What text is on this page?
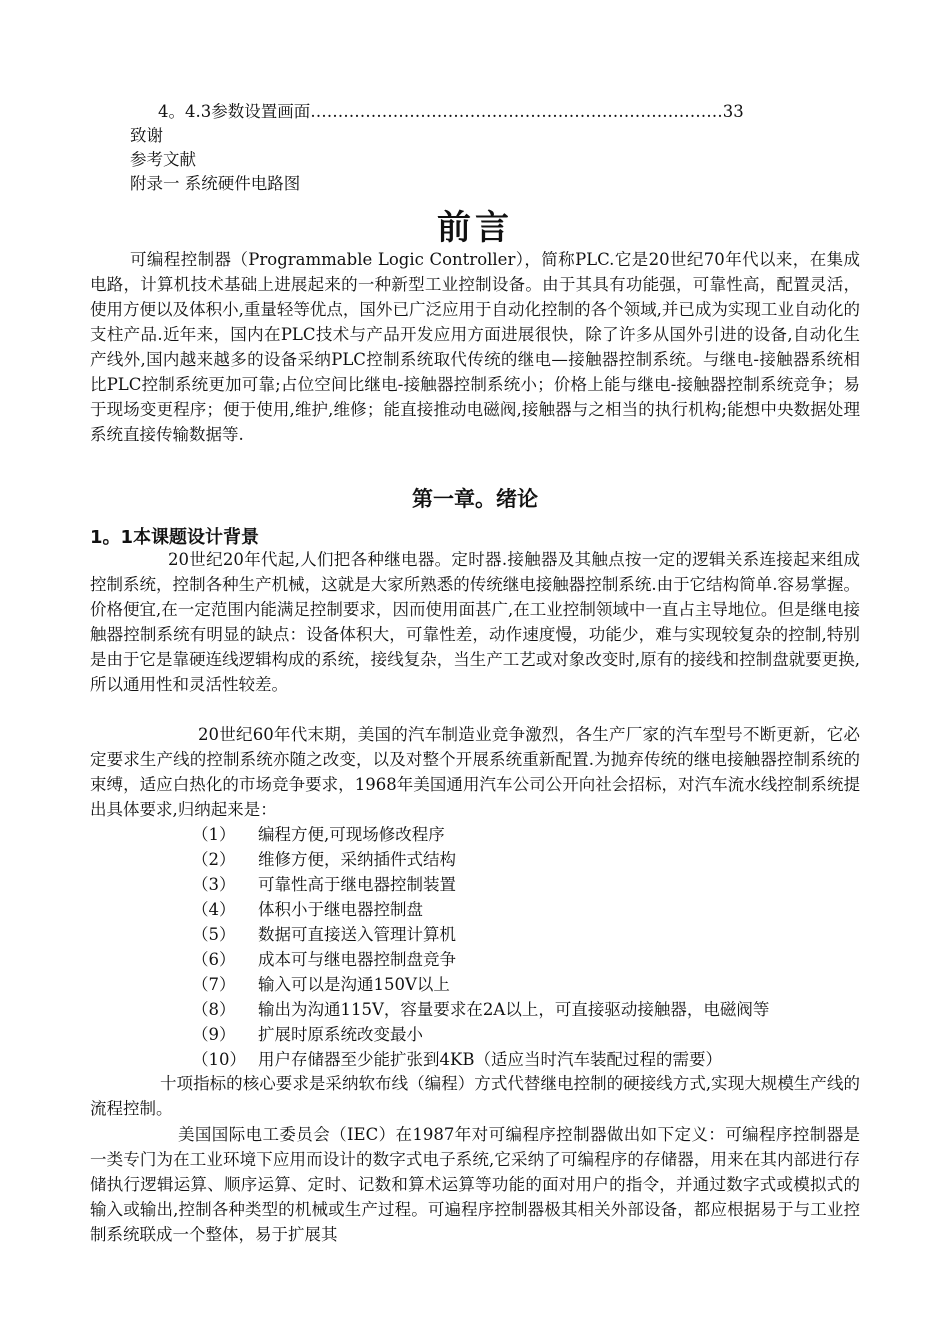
4。4.3参数设置画面…………………………………………………………………33
致谢
参考文献
附录一 系统硬件电路图
前言

可编程控制器（Programmable Logic Controller），简称PLC.它是20世纪70年代以来，在集成电路，计算机技术基础上进展起来的一种新型工业控制设备。由于其具有功能强，可靠性高，配置灵活，使用方便以及体积小,重量轻等优点，国外已广泛应用于自动化控制的各个领域,并已成为实现工业自动化的支柱产品.近年来，国内在PLC技术与产品开发应用方面进展很快，除了许多从国外引进的设备,自动化生产线外,国内越来越多的设备采纳PLC控制系统取代传统的继电—接触器控制系统。与继电-接触器系统相比PLC控制系统更加可靠;占位空间比继电-接触器控制系统小；价格上能与继电-接触器控制系统竞争；易于现场变更程序；便于使用,维护,维修；能直接推动电磁阀,接触器与之相当的执行机构;能想中央数据处理系统直接传输数据等.

第一章。绪论
1。1本课题设计背景

20世纪20年代起,人们把各种继电器。定时器.接触器及其触点按一定的逻辑关系连接起来组成控制系统，控制各种生产机械，这就是大家所熟悉的传统继电接触器控制系统.由于它结构简单.容易掌握。价格便宜,在一定范围内能满足控制要求，因而使用面甚广,在工业控制领域中一直占主导地位。但是继电接触器控制系统有明显的缺点：设备体积大，可靠性差，动作速度慢，功能少，难与实现较复杂的控制,特别是由于它是靠硬连线逻辑构成的系统，接线复杂，当生产工艺或对象改变时,原有的接线和控制盘就要更换,所以通用性和灵活性较差。

20世纪60年代末期，美国的汽车制造业竞争激烈，各生产厂家的汽车型号不断更新，它必定要求生产线的控制系统亦随之改变，以及对整个开展系统重新配置.为抛弃传统的继电接触器控制系统的束缚，适应白热化的市场竞争要求，1968年美国通用汽车公司公开向社会招标，对汽车流水线控制系统提出具体要求,归纳起来是：

（1） 编程方便,可现场修改程序
（2） 维修方便，采纳插件式结构
（3） 可靠性高于继电器控制装置
（4） 体积小于继电器控制盘
（5） 数据可直接送入管理计算机
（6） 成本可与继电器控制盘竞争
（7） 输入可以是沟通150V以上
（8） 输出为沟通115V，容量要求在2A以上，可直接驱动接触器，电磁阀等
（9） 扩展时原系统改变最小
（10） 用户存储器至少能扩张到4KB（适应当时汽车装配过程的需要）

十项指标的核心要求是采纳软布线（编程）方式代替继电控制的硬接线方式,实现大规模生产线的流程控制。

美国国际电工委员会（IEC）在1987年对可编程序控制器做出如下定义：可编程序控制器是一类专门为在工业环境下应用而设计的数字式电子系统,它采纳了可编程序的存储器，用来在其内部进行存储执行逻辑运算、顺序运算、定时、记数和算术运算等功能的面对用户的指令，并通过数字式或模拟式的输入或输出,控制各种类型的机械或生产过程。可遍程序控制器极其相关外部设备，都应根据易于与工业控制系统联成一个整体，易于扩展其
